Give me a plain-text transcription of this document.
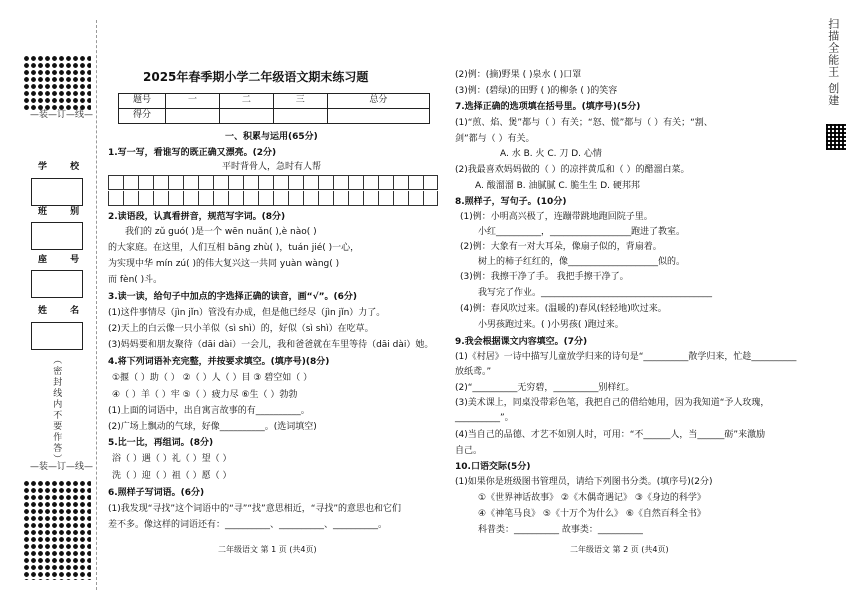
—装—订—线—
学 校
班 别
座 号
姓 名
（密封线内不要作答）
—装—订—线—
2025年春季期小学二年级语文期末练习题
题号	一	二	三	总分
得分				
一、积累与运用(65分)
1.写一写，看谁写的既正确又漂亮。(2分)
平时背骨人，急时有人帮
2.读语段，认真看拼音，规范写字词。(8分)
我们的 zǔ guó( )是一个 wēn nuǎn( ),è nào( )
的大家庭。在这里，人们互相 bāng zhù( )，tuán jié( )一心，
为实现中华 mín zú( )的伟大复兴这一共同 yuàn wàng( )
而 fèn( )斗。
3.读一读，给句子中加点的字选择正确的读音，画“√”。(6分)
(1)这件事情尽（jìn jǐn）管没有办成，但是他已经尽（jìn jǐn）力了。
(2)天上的白云像一只小羊似（sì shì）的，好似（sì shì）在吃草。
(3)妈妈要和朋友聚待（dāi dài）一会儿，我和爸爸就在车里等待（dāi dài）她。
4.将下列词语补充完整，并按要求填空。(填序号)(8分)
①揠（ ）助（ ） ②（ ）人（ ）目 ③ 碧空如（ ）
④（ ）羊（ ）牢 ⑤（ ）疲力尽 ⑥生（ ）勃勃
(1)上面的词语中，出自寓言故事的有__________。
(2)广场上飘动的气球，好像__________。(选词填空)
5.比一比，再组词。(8分)
浴（ ）遇（ ）礼（ ）望（ ）
洗（ ）迎（ ）祖（ ）愿（ ）
6.照样子写词语。(6分)
(1)我发现“寻找”这个词语中的“寻”“找”意思相近，“寻找”的意思也和它们
差不多。像这样的词语还有：__________、__________、__________。
二年级语文 第 1 页 (共4页)
(2)例：(摘)野果 ( )泉水 ( )口罩
(3)例：(碧绿)的田野 ( )的柳条 ( )的笑容
7.选择正确的选项填在括号里。(填序号)(5分)
(1)“煎、焰、煲”都与（ ）有关；“怒、慌”都与（ ）有关；“割、
剑”都与（ ）有关。
A. 水 B. 火 C. 刀 D. 心情
(2)我最喜欢妈妈做的（ ）的凉拌黄瓜和（ ）的醋溜白菜。
A. 酸溜溜 B. 油腻腻 C. 脆生生 D. 硬邦邦
8.照样子，写句子。(10分)
(1)例：小明高兴极了，连蹦带跳地跑回院子里。
小红__________，__________________跑进了教室。
(2)例：大象有一对大耳朵，像扇子似的，背扇着。
树上的柿子红红的，像____________________似的。
(3)例：我擦干净了手。 我把手擦干净了。
我写完了作业。______________________________________
(4)例：春风吹过来。(温暖的)春风(轻轻地)吹过来。
小男孩跑过来。( )小男孩( )跑过来。
9.我会根据课文内容填空。(7分)
(1)《村居》一诗中描写儿童放学归来的诗句是“__________散学归来，忙趁__________
放纸鸢。”
(2)“__________无穷碧，__________别样红。
(3)美术课上，同桌没带彩色笔，我把自己的借给她用，因为我知道“予人玫瑰，
__________”。
(4)当自己的品德、才艺不如别人时，可用：“不______人，当______砺”来激励
自己。
10.口语交际(5分)
(1)如果你是班级图书管理员，请给下列图书分类。(填序号)(2分)
①《世界神话故事》 ②《木偶奇遇记》 ③《身边的科学》
④《神笔马良》 ⑤《十万个为什么》 ⑥《自然百科全书》
科普类：__________ 故事类：__________
二年级语文 第 2 页 (共4页)
扫描全能王 创建
